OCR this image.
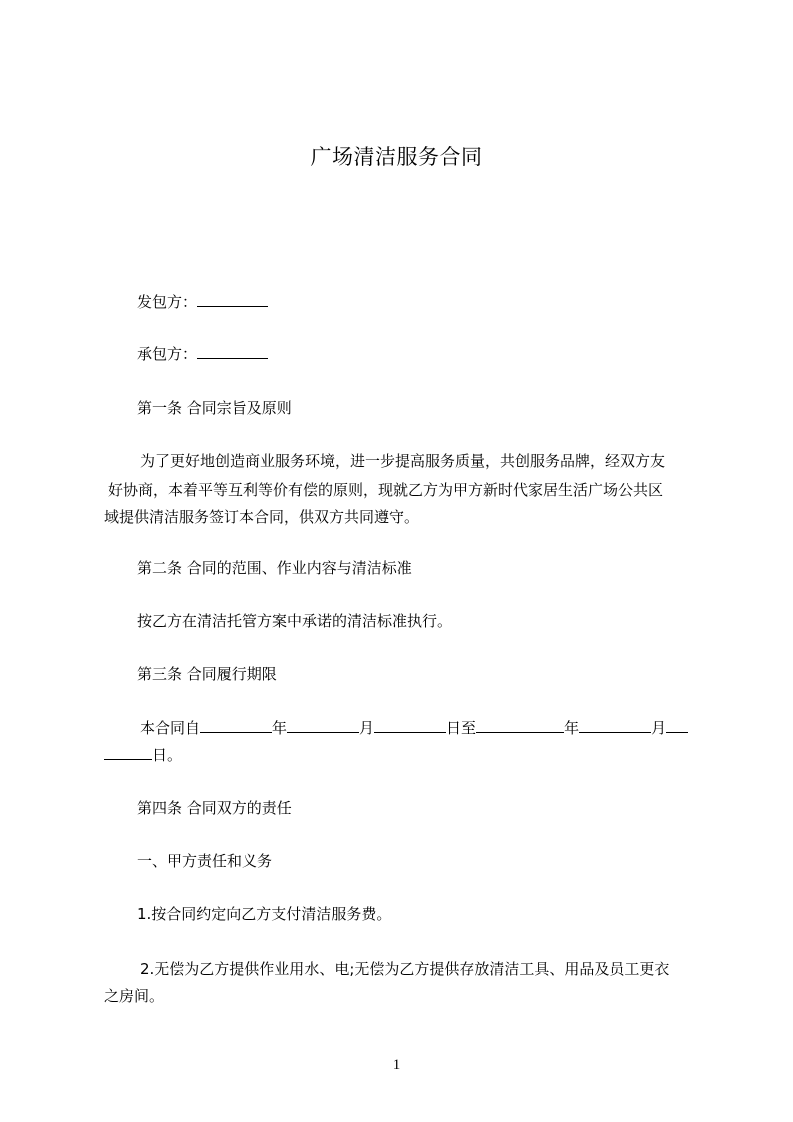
广场清洁服务合同
发包方：
承包方：
第一条 合同宗旨及原则
为了更好地创造商业服务环境，进一步提高服务质量，共创服务品牌，经双方友
好协商，本着平等互利等价有偿的原则，现就乙方为甲方新时代家居生活广场公共区
域提供清洁服务签订本合同，供双方共同遵守。
第二条 合同的范围、作业内容与清洁标准
按乙方在清洁托管方案中承诺的清洁标准执行。
第三条 合同履行期限
本合同自	年	月	日至	年	月
日。
第四条 合同双方的责任
一、甲方责任和义务
1.按合同约定向乙方支付清洁服务费。
2.无偿为乙方提供作业用水、电;无偿为乙方提供存放清洁工具、用品及员工更衣
之房间。
1
